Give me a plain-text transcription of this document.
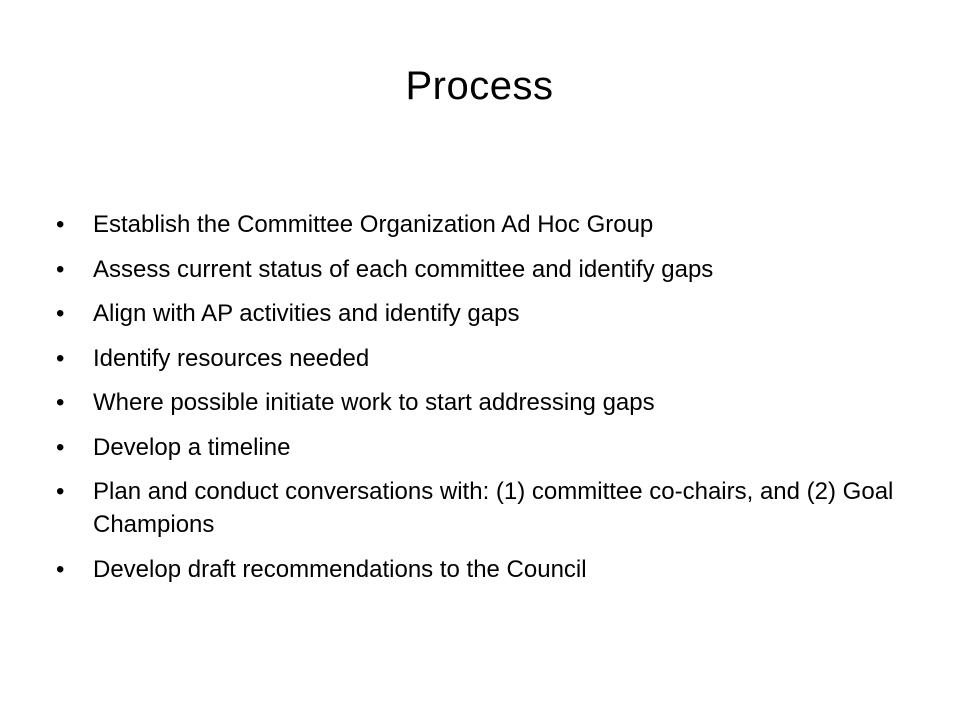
Process
•	Establish the Committee Organization Ad Hoc Group
•	Assess current status of each committee and identify gaps
•	Align with AP activities and identify gaps
•	Identify resources needed
•	Where possible initiate work to start addressing gaps
•	Develop a timeline
•	Plan and conduct conversations with: (1) committee co-chairs, and (2) Goal Champions
•	Develop draft recommendations to the Council
